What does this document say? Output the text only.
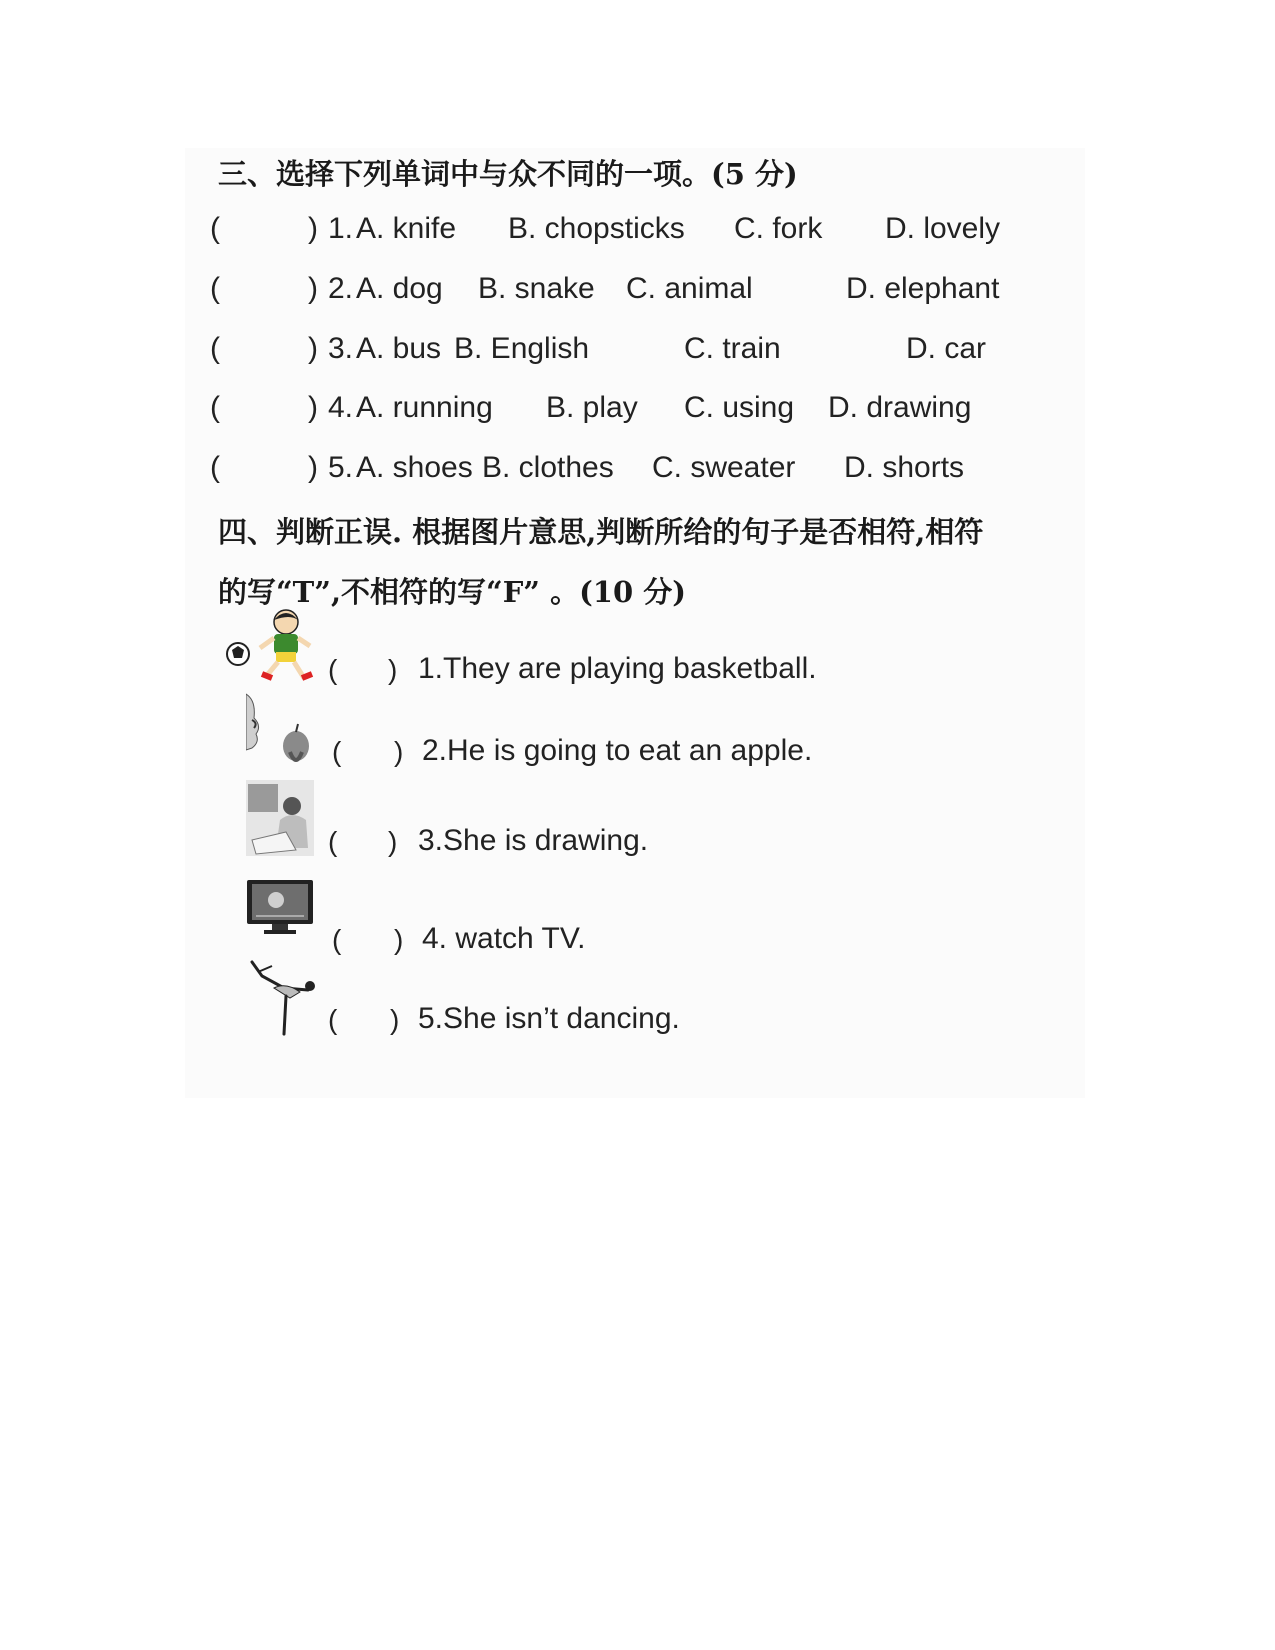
三、选择下列单词中与众不同的一项。(5 分)
(	) 1. A. knife B. chopsticks C. fork D. lovely
(	) 2. A. dog B. snake C. animal	D. elephant
(	) 3. A. bus B. English	C. train	D. car
(	) 4. A. running B. play C. using D. drawing
(	) 5. A. shoes B. clothes C. sweater D. shorts
四、判断正误. 根据图片意思,判断所给的句子是否相符,相符
的写“T”,不相符的写“F” 。(10 分)
( ) 1.They are playing basketball.
( ) 2.He is going to eat an apple.
( ) 3.She is drawing.
( ) 4. watch TV.
( ) 5.She isn’t dancing.
